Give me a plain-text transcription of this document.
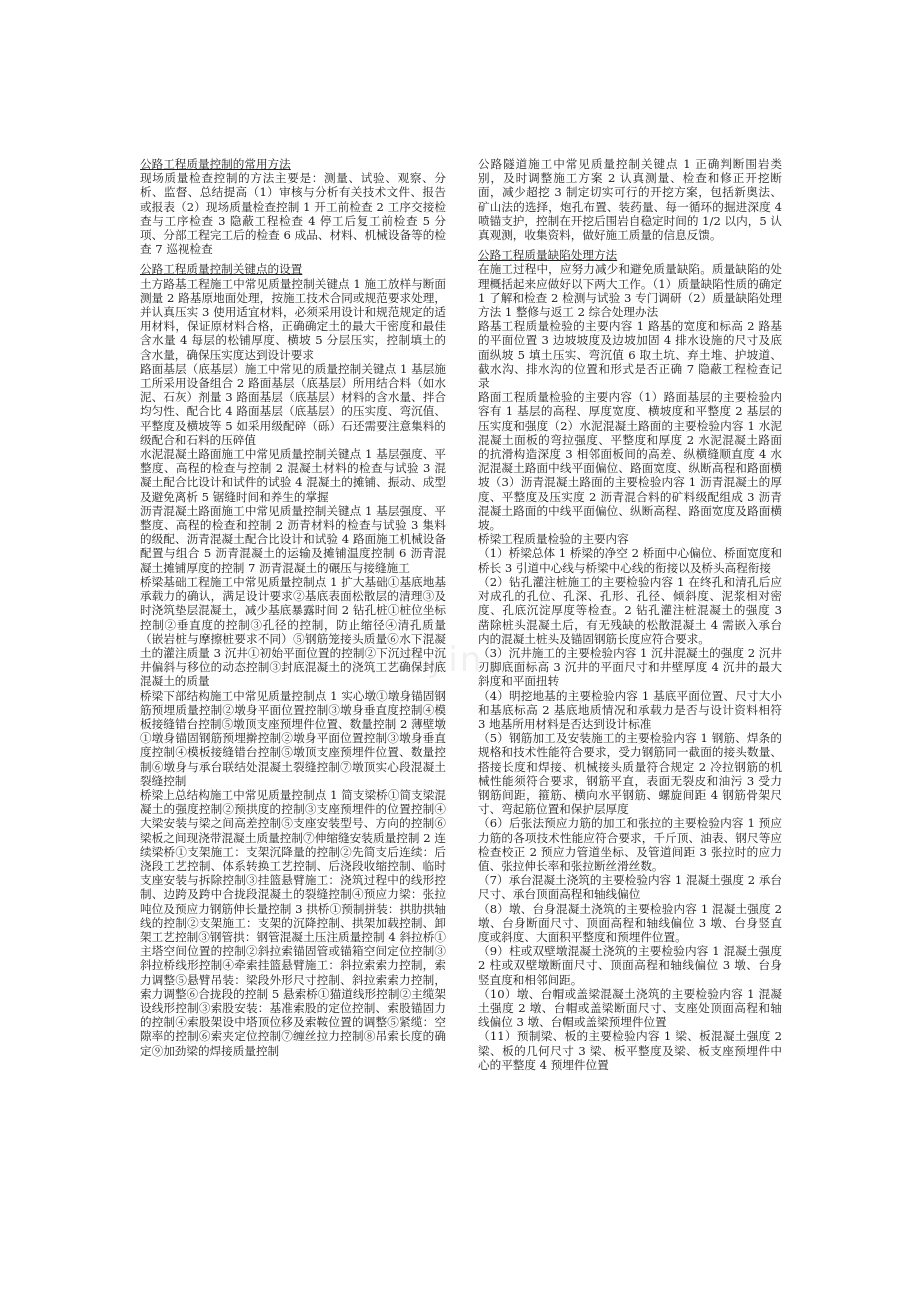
公路工程质量控制的常用方法

现场质量检查控制的方法主要是：测量、试验、观察、分析、监督、总结提高（1）审核与分析有关技术文件、报告或报表（2）现场质量检查控制 1 开工前检查 2 工序交接检查与工序检查 3 隐蔽工程检查 4 停工后复工前检查 5 分项、分部工程完工后的检查 6 成品、材料、机械设备等的检查 7 巡视检查

公路工程质量控制关键点的设置

土方路基工程施工中常见质量控制关键点 1 施工放样与断面测量 2 路基原地面处理，按施工技术合同或规范要求处理，并认真压实 3 使用适宜材料，必须采用设计和规范规定的适用材料，保证原材料合格，正确确定土的最大干密度和最佳含水量 4 每层的松铺厚度、横坡 5 分层压实，控制填土的含水量，确保压实度达到设计要求

路面基层（底基层）施工中常见的质量控制关键点 1 基层施工所采用设备组合 2 路面基层（底基层）所用结合料（如水泥、石灰）剂量 3 路面基层（底基层）材料的含水量、拌合均匀性、配合比 4 路面基层（底基层）的压实度、弯沉值、平整度及横坡等 5 如采用级配碎（砾）石还需要注意集料的级配合和石料的压碎值

水泥混凝土路面施工中常见质量控制关键点 1 基层强度、平整度、高程的检查与控制 2 混凝土材料的检查与试验 3 混凝土配合比设计和试件的试验 4 混凝土的摊铺、振动、成型及避免离析 5 锯缝时间和养生的掌握

沥青混凝土路面施工中常见质量控制关键点 1 基层强度、平整度、高程的检查和控制 2 沥青材料的检查与试验 3 集料的级配、沥青混凝土配合比设计和试验 4 路面施工机械设备配置与组合 5 沥青混凝土的运输及摊铺温度控制 6 沥青混凝土摊铺厚度的控制 7 沥青混凝土的碾压与接缝施工

桥梁基础工程施工中常见质量控制点 1 扩大基础①基底地基承载力的确认，满足设计要求②基底表面松散层的清理③及时浇筑垫层混凝土，减少基底暴露时间 2 钻孔桩①桩位坐标控制②垂直度的控制③孔径的控制，防止缩径④清孔质量（嵌岩桩与摩擦桩要求不同）⑤钢筋笼接头质量⑥水下混凝土的灌注质量 3 沉井①初始平面位置的控制②下沉过程中沉井偏斜与移位的动态控制③封底混凝土的浇筑工艺确保封底混凝土的质量

桥梁下部结构施工中常见质量控制点 1 实心墩①墩身锚固钢筋预埋质量控制②墩身平面位置控制③墩身垂直度控制④模板接缝错台控制⑤墩顶支座预埋件位置、数量控制 2 薄壁墩①墩身锚固钢筋预埋擀控制②墩身平面位置控制③墩身垂直度控制④模板接缝错台控制⑤墩顶支座预埋件位置、数量控制⑥墩身与承台联结处混凝土裂缝控制⑦墩顶实心段混凝土裂缝控制

桥梁上总结构施工中常见质量控制点 1 简支梁桥①简支梁混凝土的强度控制②预拱度的控制③支座预埋件的位置控制④大梁安装与梁之间高差控制⑤支座安装型号、方向的控制⑥梁板之间现浇带混凝土质量控制⑦伸缩缝安装质量控制 2 连续梁桥①支架施工：支架沉降量的控制②先简支后连续：后浇段工艺控制、体系转换工艺控制、后浇段收缩控制、临时支座安装与拆除控制③挂篮悬臂施工：浇筑过程中的线形控制、边跨及跨中合拢段混凝土的裂缝控制④预应力梁：张拉吨位及预应力钢筋伸长量控制 3 拱桥①预制拼装：拱肋拱轴线的控制②支架施工：支架的沉降控制、拱架加载控制、卸架工艺控制③钢管拱：钢管混凝土压注质量控制 4 斜拉桥①主塔空间位置的控制②斜拉索锚固管或锚箱空间定位控制③斜拉桥线形控制④牵索挂篮悬臂施工：斜拉索索力控制，索力调整⑤悬臂吊装：梁段外形尺寸控制、斜拉索索力控制，索力调整⑥合拢段的控制 5 悬索桥①猫道线形控制②主缆架设线形控制③索股安装：基准索股的定位控制、索股锚固力的控制④索股架设中塔顶位移及索鞍位置的调整⑤紧缆：空隙率的控制⑥索夹定位控制⑦缠丝拉力控制⑧吊索长度的确定⑨加劲梁的焊接质量控制

公路隧道施工中常见质量控制关键点 1 正确判断围岩类别，及时调整施工方案 2 认真测量、检查和修正开挖断面，减少超挖 3 制定切实可行的开挖方案，包括新奥法、矿山法的选择，炮孔布置、装药量、每一循环的掘进深度 4 喷锚支护，控制在开挖后围岩自稳定时间的 1/2 以内，5 认真观测，收集资料，做好施工质量的信息反馈。

公路工程质量缺陷处理方法

在施工过程中，应努力减少和避免质量缺陷。质量缺陷的处理概括起来应做好以下两大工作。（1）质量缺陷性质的确定 1 了解和检查 2 检测与试验 3 专门调研（2）质量缺陷处理方法 1 整修与返工 2 综合处理办法

路基工程质量检验的主要内容 1 路基的宽度和标高 2 路基的平面位置 3 边坡坡度及边坡加固 4 排水设施的尺寸及底面纵坡 5 填土压实、弯沉值 6 取土坑、弃土堆、护坡道、截水沟、排水沟的位置和形式是否正确 7 隐蔽工程检查记录

路面工程质量检验的主要内容（1）路面基层的主要检验内容有 1 基层的高程、厚度宽度、横坡度和平整度 2 基层的压实度和强度（2）水泥混凝土路面的主要检验内容 1 水泥混凝土面板的弯拉强度、平整度和厚度 2 水泥混凝土路面的抗滑构造深度 3 相邻面板间的高差、纵横缝顺直度 4 水泥混凝土路面中线平面偏位、路面宽度、纵断高程和路面横坡（3）沥青混凝土路面的主要检验内容 1 沥青混凝土的厚度、平整度及压实度 2 沥青混合料的矿料级配组成 3 沥青混凝土路面的中线平面偏位、纵断高程、路面宽度及路面横坡。

桥梁工程质量检验的主要内容

（1）桥梁总体 1 桥梁的净空 2 桥面中心偏位、桥面宽度和桥长 3 引道中心线与桥梁中心线的衔接以及桥头高程衔接

（2）钻孔灌注桩施工的主要检验内容 1 在终孔和清孔后应对成孔的孔位、孔深、孔形、孔径、倾斜度、泥浆相对密度、孔底沉淀厚度等检查。2 钻孔灌注桩混凝土的强度 3 凿除桩头混凝土后，有无残缺的松散混凝土 4 需嵌入承台内的混凝土桩头及锚固钢筋长度应符合要求。

（3）沉井施工的主要检验内容 1 沉井混凝土的强度 2 沉井刃脚底面标高 3 沉井的平面尺寸和井壁厚度 4 沉井的最大斜度和平面扭转

（4）明挖地基的主要检验内容 1 基底平面位置、尺寸大小和基底标高 2 基底地质情况和承载力是否与设计资料相符 3 地基所用材料是否达到设计标准

（5）钢筋加工及安装施工的主要检验内容 1 钢筋、焊条的规格和技术性能符合要求，受力钢筋同一截面的接头数量、搭接长度和焊接、机械接头质量符合规定 2 冷拉钢筋的机械性能须符合要求，钢筋平直，表面无裂皮和油污 3 受力钢筋间距，箍筋、横向水平钢筋、螺旋间距 4 钢筋骨架尺寸、弯起筋位置和保护层厚度

（6）后张法预应力筋的加工和张拉的主要检验内容 1 预应力筋的各项技术性能应符合要求，千斤顶、油表、钢尺等应检查校正 2 预应力管道坐标、及管道间距 3 张拉时的应力值、张拉伸长率和张拉断丝滑丝数。

（7）承台混凝土浇筑的主要检验内容 1 混凝土强度 2 承台尺寸、承台顶面高程和轴线偏位

（8）墩、台身混凝土浇筑的主要检验内容 1 混凝土强度 2 墩、台身断面尺寸、顶面高程和轴线偏位 3 墩、台身竖直度或斜度、大面积平整度和预埋件位置。

（9）柱或双壁墩混凝土浇筑的主要检验内容 1 混凝土强度 2 柱或双壁墩断面尺寸、顶面高程和轴线偏位 3 墩、台身竖直度和相邻间距。

（10）墩、台帽或盖梁混凝土浇筑的主要检验内容 1 混凝土强度 2 墩、台帽或盖梁断面尺寸、支座处顶面高程和轴线偏位 3 墩、台帽或盖梁预埋件位置

（11）预制梁、板的主要检验内容 1 梁、板混凝土强度 2 梁、板的几何尺寸 3 梁、板平整度及梁、板支座预埋件中心的平整度 4 预埋件位置

zlyin
